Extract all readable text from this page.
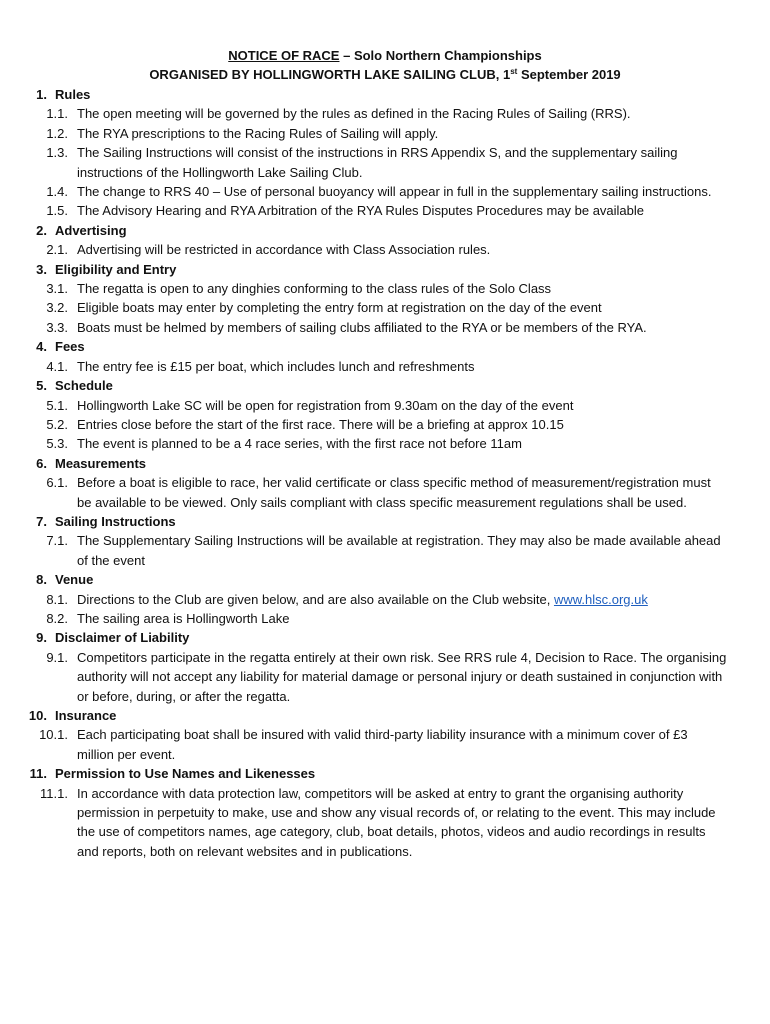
NOTICE OF RACE – Solo Northern Championships
ORGANISED BY HOLLINGWORTH LAKE SAILING CLUB, 1st September 2019
1. Rules
1.1. The open meeting will be governed by the rules as defined in the Racing Rules of Sailing (RRS).
1.2. The RYA prescriptions to the Racing Rules of Sailing will apply.
1.3. The Sailing Instructions will consist of the instructions in RRS Appendix S, and the supplementary sailing instructions of the Hollingworth Lake Sailing Club.
1.4. The change to RRS 40 – Use of personal buoyancy will appear in full in the supplementary sailing instructions.
1.5. The Advisory Hearing and RYA Arbitration of the RYA Rules Disputes Procedures may be available
2. Advertising
2.1. Advertising will be restricted in accordance with Class Association rules.
3. Eligibility and Entry
3.1. The regatta is open to any dinghies conforming to the class rules of the Solo Class
3.2. Eligible boats may enter by completing the entry form at registration on the day of the event
3.3. Boats must be helmed by members of sailing clubs affiliated to the RYA or be members of the RYA.
4. Fees
4.1. The entry fee is £15 per boat, which includes lunch and refreshments
5. Schedule
5.1. Hollingworth Lake SC will be open for registration from 9.30am on the day of the event
5.2. Entries close before the start of the first race. There will be a briefing at approx 10.15
5.3. The event is planned to be a 4 race series, with the first race not before 11am
6. Measurements
6.1. Before a boat is eligible to race, her valid certificate or class specific method of measurement/registration must be available to be viewed. Only sails compliant with class specific measurement regulations shall be used.
7. Sailing Instructions
7.1. The Supplementary Sailing Instructions will be available at registration. They may also be made available ahead of the event
8. Venue
8.1. Directions to the Club are given below, and are also available on the Club website, www.hlsc.org.uk
8.2. The sailing area is Hollingworth Lake
9. Disclaimer of Liability
9.1. Competitors participate in the regatta entirely at their own risk. See RRS rule 4, Decision to Race. The organising authority will not accept any liability for material damage or personal injury or death sustained in conjunction with or before, during, or after the regatta.
10. Insurance
10.1. Each participating boat shall be insured with valid third-party liability insurance with a minimum cover of £3 million per event.
11. Permission to Use Names and Likenesses
11.1. In accordance with data protection law, competitors will be asked at entry to grant the organising authority permission in perpetuity to make, use and show any visual records of, or relating to the event. This may include the use of competitors names, age category, club, boat details, photos, videos and audio recordings in results and reports, both on relevant websites and in publications.
